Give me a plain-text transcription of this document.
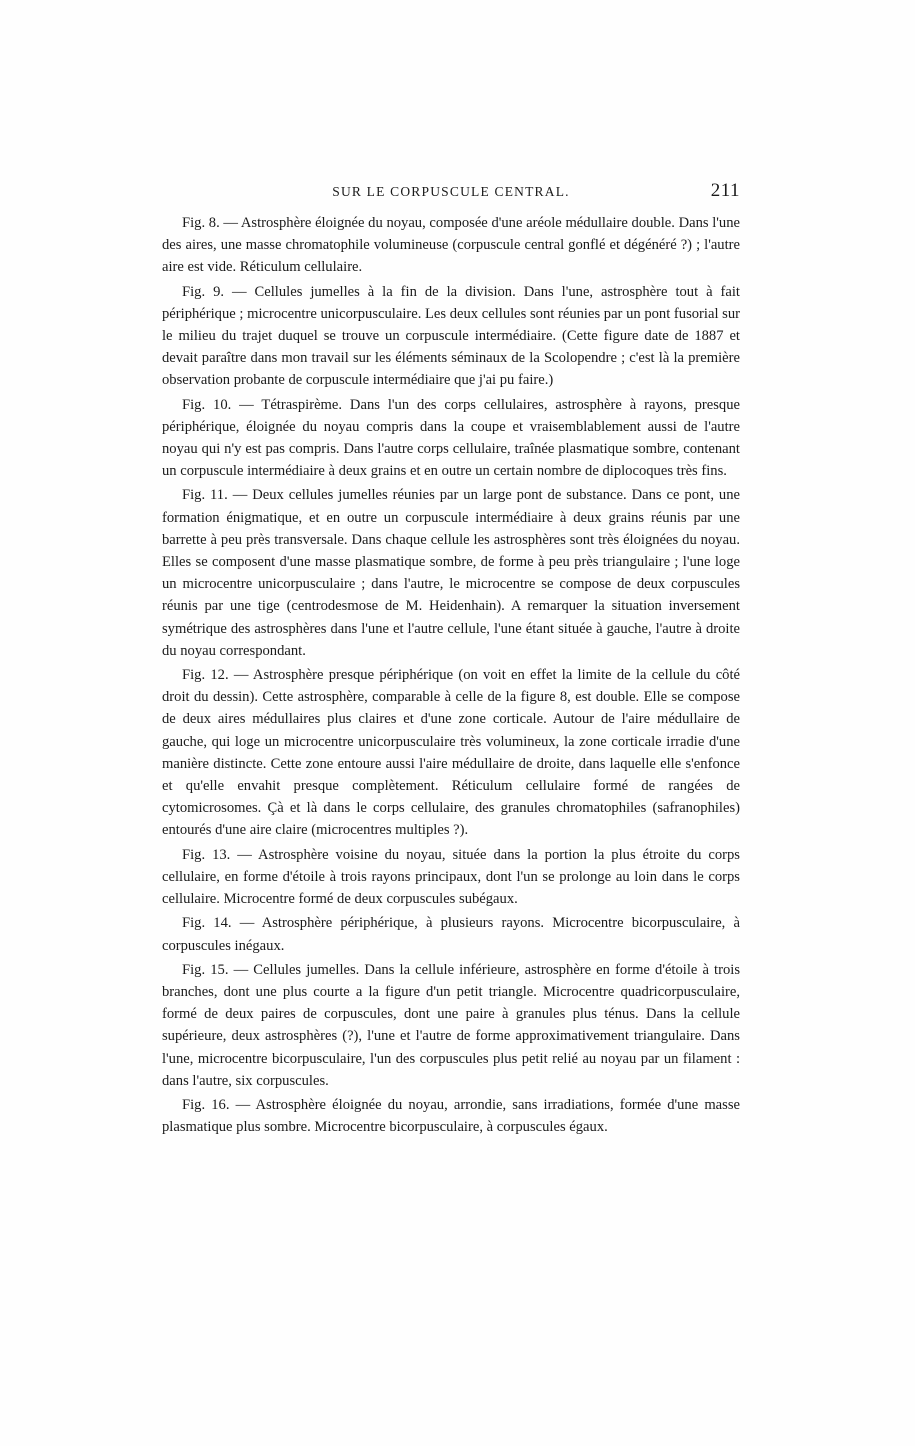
SUR LE CORPUSCULE CENTRAL.	211

Fig. 8. — Astrosphère éloignée du noyau, composée d'une aréole médullaire double. Dans l'une des aires, une masse chromatophile volumineuse (corpuscule central gonflé et dégénéré ?) ; l'autre aire est vide. Réticulum cellulaire.

Fig. 9. — Cellules jumelles à la fin de la division. Dans l'une, astrosphère tout à fait périphérique ; microcentre unicorpusculaire. Les deux cellules sont réunies par un pont fusorial sur le milieu du trajet duquel se trouve un corpuscule intermédiaire. (Cette figure date de 1887 et devait paraître dans mon travail sur les éléments séminaux de la Scolopendre ; c'est là la première observation probante de corpuscule intermédiaire que j'ai pu faire.)

Fig. 10. — Tétraspirème. Dans l'un des corps cellulaires, astrosphère à rayons, presque périphérique, éloignée du noyau compris dans la coupe et vraisemblablement aussi de l'autre noyau qui n'y est pas compris. Dans l'autre corps cellulaire, traînée plasmatique sombre, contenant un corpuscule intermédiaire à deux grains et en outre un certain nombre de diplocoques très fins.

Fig. 11. — Deux cellules jumelles réunies par un large pont de substance. Dans ce pont, une formation énigmatique, et en outre un corpuscule intermédiaire à deux grains réunis par une barrette à peu près transversale. Dans chaque cellule les astrosphères sont très éloignées du noyau. Elles se composent d'une masse plasmatique sombre, de forme à peu près triangulaire ; l'une loge un microcentre unicorpusculaire ; dans l'autre, le microcentre se compose de deux corpuscules réunis par une tige (centrodesmose de M. Heidenhain). A remarquer la situation inversement symétrique des astrosphères dans l'une et l'autre cellule, l'une étant située à gauche, l'autre à droite du noyau correspondant.

Fig. 12. — Astrosphère presque périphérique (on voit en effet la limite de la cellule du côté droit du dessin). Cette astrosphère, comparable à celle de la figure 8, est double. Elle se compose de deux aires médullaires plus claires et d'une zone corticale. Autour de l'aire médullaire de gauche, qui loge un microcentre unicorpusculaire très volumineux, la zone corticale irradie d'une manière distincte. Cette zone entoure aussi l'aire médullaire de droite, dans laquelle elle s'enfonce et qu'elle envahit presque complètement. Réticulum cellulaire formé de rangées de cytomicrosomes. Çà et là dans le corps cellulaire, des granules chromatophiles (safranophiles) entourés d'une aire claire (microcentres multiples ?).

Fig. 13. — Astrosphère voisine du noyau, située dans la portion la plus étroite du corps cellulaire, en forme d'étoile à trois rayons principaux, dont l'un se prolonge au loin dans le corps cellulaire. Microcentre formé de deux corpuscules subégaux.

Fig. 14. — Astrosphère périphérique, à plusieurs rayons. Microcentre bicorpusculaire, à corpuscules inégaux.

Fig. 15. — Cellules jumelles. Dans la cellule inférieure, astrosphère en forme d'étoile à trois branches, dont une plus courte a la figure d'un petit triangle. Microcentre quadricorpusculaire, formé de deux paires de corpuscules, dont une paire à granules plus ténus. Dans la cellule supérieure, deux astrosphères (?), l'une et l'autre de forme approximativement triangulaire. Dans l'une, microcentre bicorpusculaire, l'un des corpuscules plus petit relié au noyau par un filament : dans l'autre, six corpuscules.

Fig. 16. — Astrosphère éloignée du noyau, arrondie, sans irradiations, formée d'une masse plasmatique plus sombre. Microcentre bicorpusculaire, à corpuscules égaux.
